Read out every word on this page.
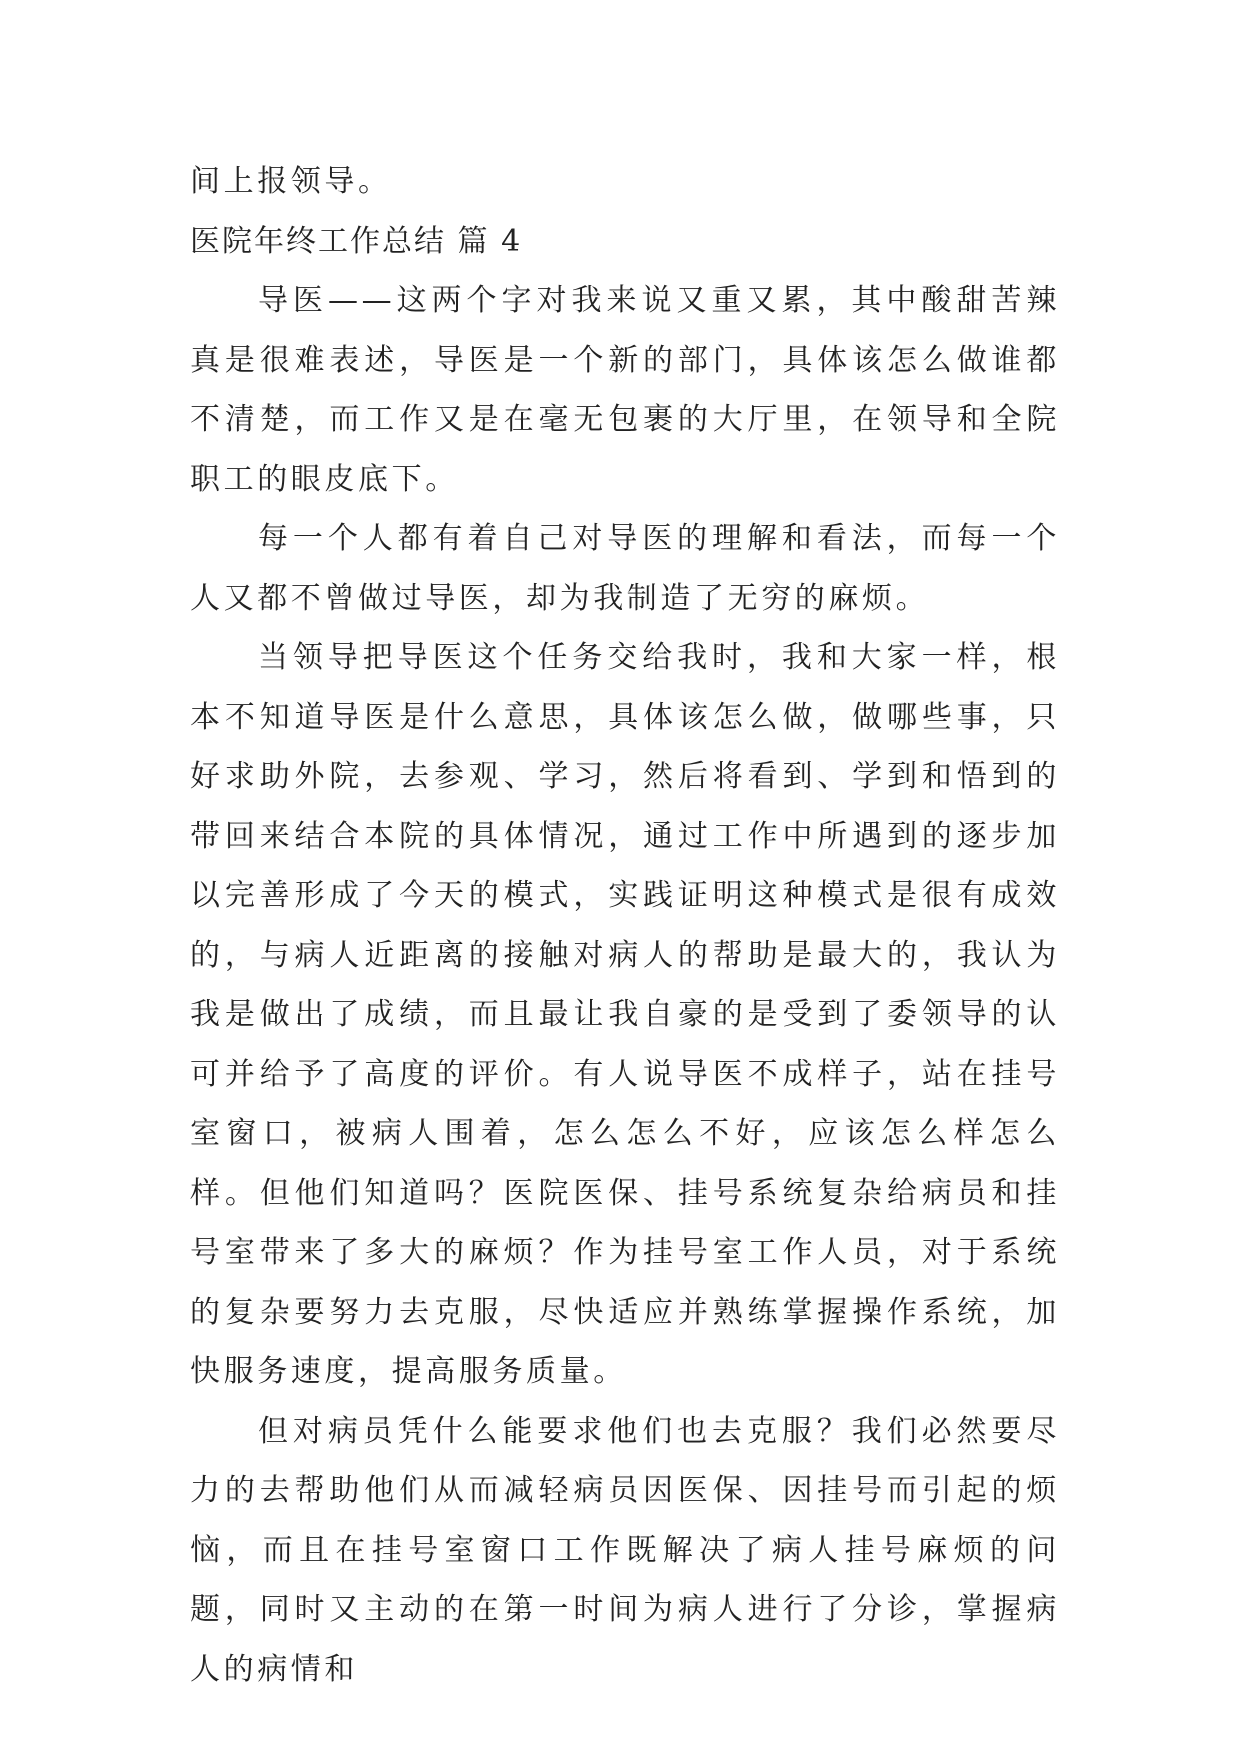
间上报领导。

医院年终工作总结 篇 4

导医——这两个字对我来说又重又累，其中酸甜苦辣真是很难表述，导医是一个新的部门，具体该怎么做谁都不清楚，而工作又是在毫无包裹的大厅里，在领导和全院职工的眼皮底下。

每一个人都有着自己对导医的理解和看法，而每一个人又都不曾做过导医，却为我制造了无穷的麻烦。

当领导把导医这个任务交给我时，我和大家一样，根本不知道导医是什么意思，具体该怎么做，做哪些事，只好求助外院，去参观、学习，然后将看到、学到和悟到的带回来结合本院的具体情况，通过工作中所遇到的逐步加以完善形成了今天的模式，实践证明这种模式是很有成效的，与病人近距离的接触对病人的帮助是最大的，我认为我是做出了成绩，而且最让我自豪的是受到了委领导的认可并给予了高度的评价。有人说导医不成样子，站在挂号室窗口，被病人围着，怎么怎么不好，应该怎么样怎么样。但他们知道吗？医院医保、挂号系统复杂给病员和挂号室带来了多大的麻烦？作为挂号室工作人员，对于系统的复杂要努力去克服，尽快适应并熟练掌握操作系统，加快服务速度，提高服务质量。

但对病员凭什么能要求他们也去克服？我们必然要尽力的去帮助他们从而减轻病员因医保、因挂号而引起的烦恼，而且在挂号室窗口工作既解决了病人挂号麻烦的问题，同时又主动的在第一时间为病人进行了分诊，掌握病人的病情和
